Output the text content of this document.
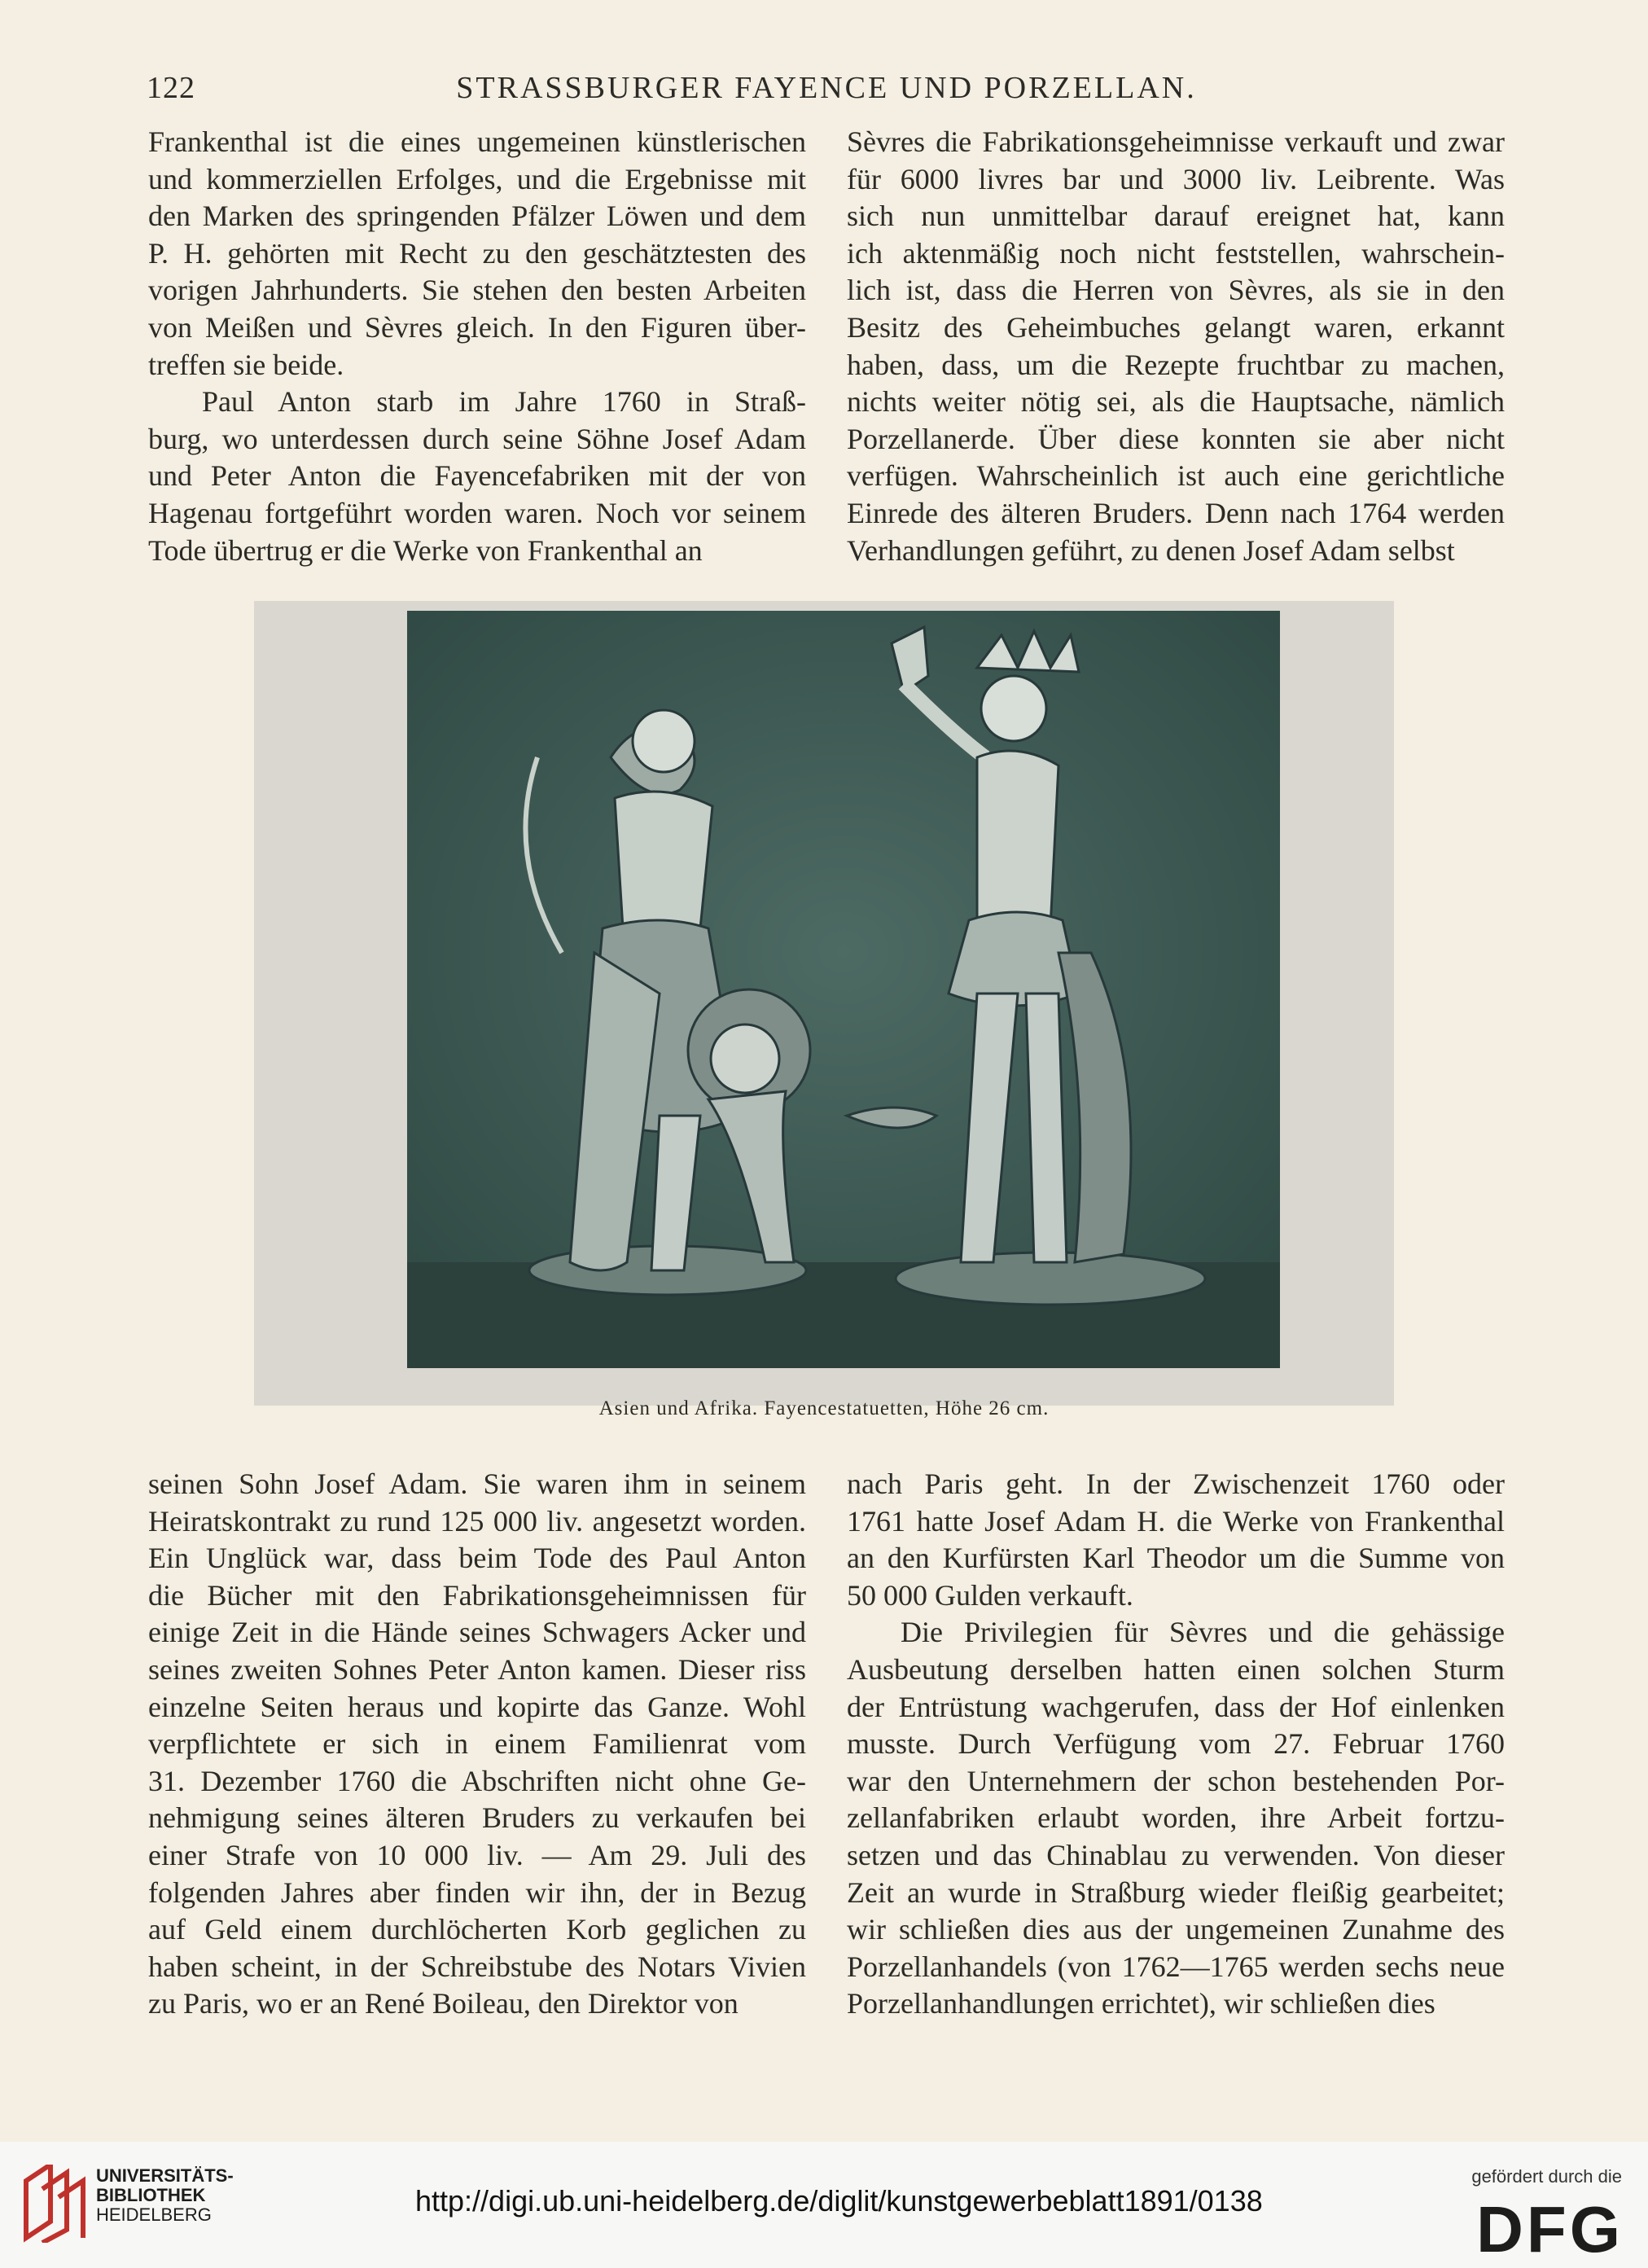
122	STRASSBURGER FAYENCE UND PORZELLAN.

Frankenthal ist die eines ungemeinen künstlerischen
und kommerziellen Erfolges, und die Ergebnisse mit
den Marken des springenden Pfälzer Löwen und dem
P. H. gehörten mit Recht zu den geschätztesten des
vorigen Jahrhunderts. Sie stehen den besten Arbeiten
von Meißen und Sèvres gleich. In den Figuren über-
treffen sie beide.

Paul Anton starb im Jahre 1760 in Straß-
burg, wo unterdessen durch seine Söhne Josef Adam
und Peter Anton die Fayencefabriken mit der von
Hagenau fortgeführt worden waren. Noch vor seinem
Tode übertrug er die Werke von Frankenthal an

Sèvres die Fabrikationsgeheimnisse verkauft und zwar
für 6000 livres bar und 3000 liv. Leibrente. Was
sich nun unmittelbar darauf ereignet hat, kann
ich aktenmäßig noch nicht feststellen, wahrschein-
lich ist, dass die Herren von Sèvres, als sie in den
Besitz des Geheimbuches gelangt waren, erkannt
haben, dass, um die Rezepte fruchtbar zu machen,
nichts weiter nötig sei, als die Hauptsache, nämlich
Porzellanerde. Über diese konnten sie aber nicht
verfügen. Wahrscheinlich ist auch eine gerichtliche
Einrede des älteren Bruders. Denn nach 1764 werden
Verhandlungen geführt, zu denen Josef Adam selbst

Asien und Afrika. Fayencestatuetten, Höhe 26 cm.

seinen Sohn Josef Adam. Sie waren ihm in seinem
Heiratskontrakt zu rund 125 000 liv. angesetzt worden.
Ein Unglück war, dass beim Tode des Paul Anton
die Bücher mit den Fabrikationsgeheimnissen für
einige Zeit in die Hände seines Schwagers Acker und
seines zweiten Sohnes Peter Anton kamen. Dieser riss
einzelne Seiten heraus und kopirte das Ganze. Wohl
verpflichtete er sich in einem Familienrat vom
31. Dezember 1760 die Abschriften nicht ohne Ge-
nehmigung seines älteren Bruders zu verkaufen bei
einer Strafe von 10 000 liv. — Am 29. Juli des
folgenden Jahres aber finden wir ihn, der in Bezug
auf Geld einem durchlöcherten Korb geglichen zu
haben scheint, in der Schreibstube des Notars Vivien
zu Paris, wo er an René Boileau, den Direktor von

nach Paris geht. In der Zwischenzeit 1760 oder
1761 hatte Josef Adam H. die Werke von Frankenthal
an den Kurfürsten Karl Theodor um die Summe von
50 000 Gulden verkauft.

Die Privilegien für Sèvres und die gehässige
Ausbeutung derselben hatten einen solchen Sturm
der Entrüstung wachgerufen, dass der Hof einlenken
musste. Durch Verfügung vom 27. Februar 1760
war den Unternehmern der schon bestehenden Por-
zellanfabriken erlaubt worden, ihre Arbeit fortzu-
setzen und das Chinablau zu verwenden. Von dieser
Zeit an wurde in Straßburg wieder fleißig gearbeitet;
wir schließen dies aus der ungemeinen Zunahme des
Porzellanhandels (von 1762—1765 werden sechs neue
Porzellanhandlungen errichtet), wir schließen dies

UNIVERSITÄTS-
BIBLIOTHEK
HEIDELBERG	http://digi.ub.uni-heidelberg.de/diglit/kunstgewerbeblatt1891/0138
gefördert durch die
DFG
